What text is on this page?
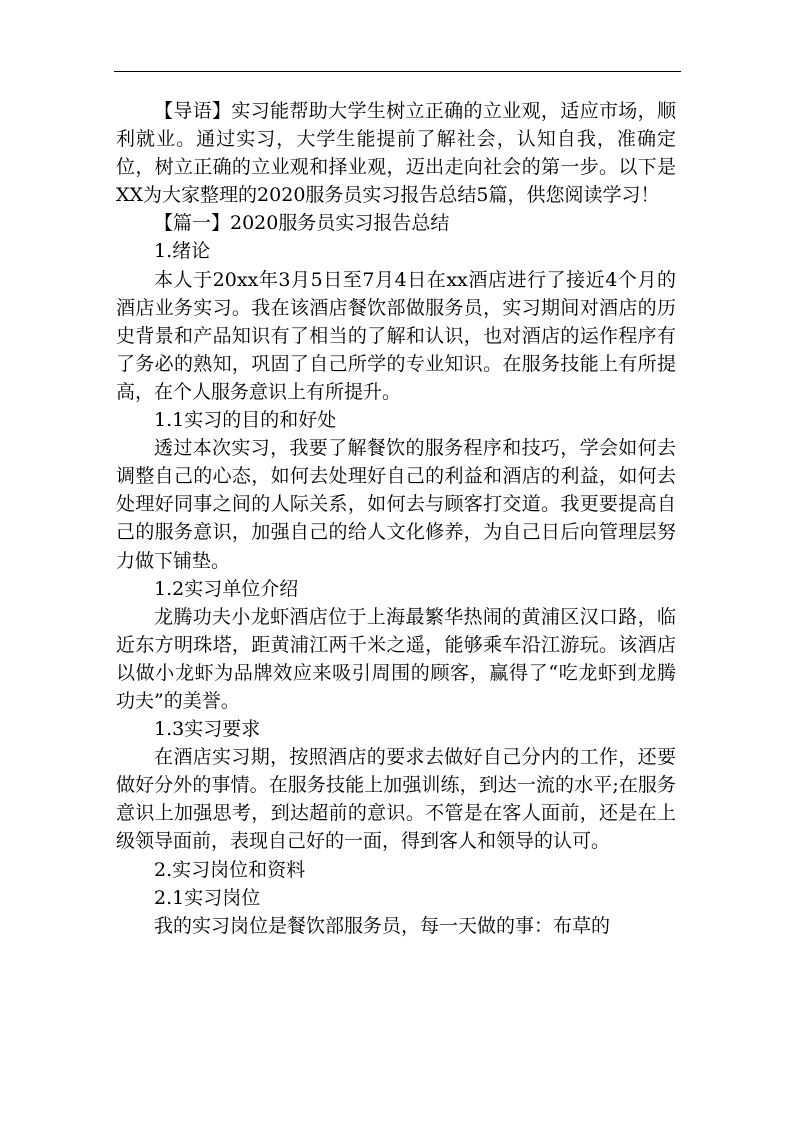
【导语】实习能帮助大学生树立正确的立业观，适应市场，顺利就业。通过实习，大学生能提前了解社会，认知自我，准确定位，树立正确的立业观和择业观，迈出走向社会的第一步。以下是XX为大家整理的2020服务员实习报告总结5篇，供您阅读学习！

【篇一】2020服务员实习报告总结

1.绪论

本人于20xx年3月5日至7月4日在xx酒店进行了接近4个月的酒店业务实习。我在该酒店餐饮部做服务员，实习期间对酒店的历史背景和产品知识有了相当的了解和认识，也对酒店的运作程序有了务必的熟知，巩固了自己所学的专业知识。在服务技能上有所提高，在个人服务意识上有所提升。

1.1实习的目的和好处

透过本次实习，我要了解餐饮的服务程序和技巧，学会如何去调整自己的心态，如何去处理好自己的利益和酒店的利益，如何去处理好同事之间的人际关系，如何去与顾客打交道。我更要提高自己的服务意识，加强自己的给人文化修养，为自己日后向管理层努力做下铺垫。

1.2实习单位介绍

龙腾功夫小龙虾酒店位于上海最繁华热闹的黄浦区汉口路，临近东方明珠塔，距黄浦江两千米之遥，能够乘车沿江游玩。该酒店以做小龙虾为品牌效应来吸引周围的顾客，赢得了“吃龙虾到龙腾功夫”的美誉。

1.3实习要求

在酒店实习期，按照酒店的要求去做好自己分内的工作，还要做好分外的事情。在服务技能上加强训练，到达一流的水平;在服务意识上加强思考，到达超前的意识。不管是在客人面前，还是在上级领导面前，表现自己好的一面，得到客人和领导的认可。

2.实习岗位和资料

2.1实习岗位

我的实习岗位是餐饮部服务员，每一天做的事：布草的
